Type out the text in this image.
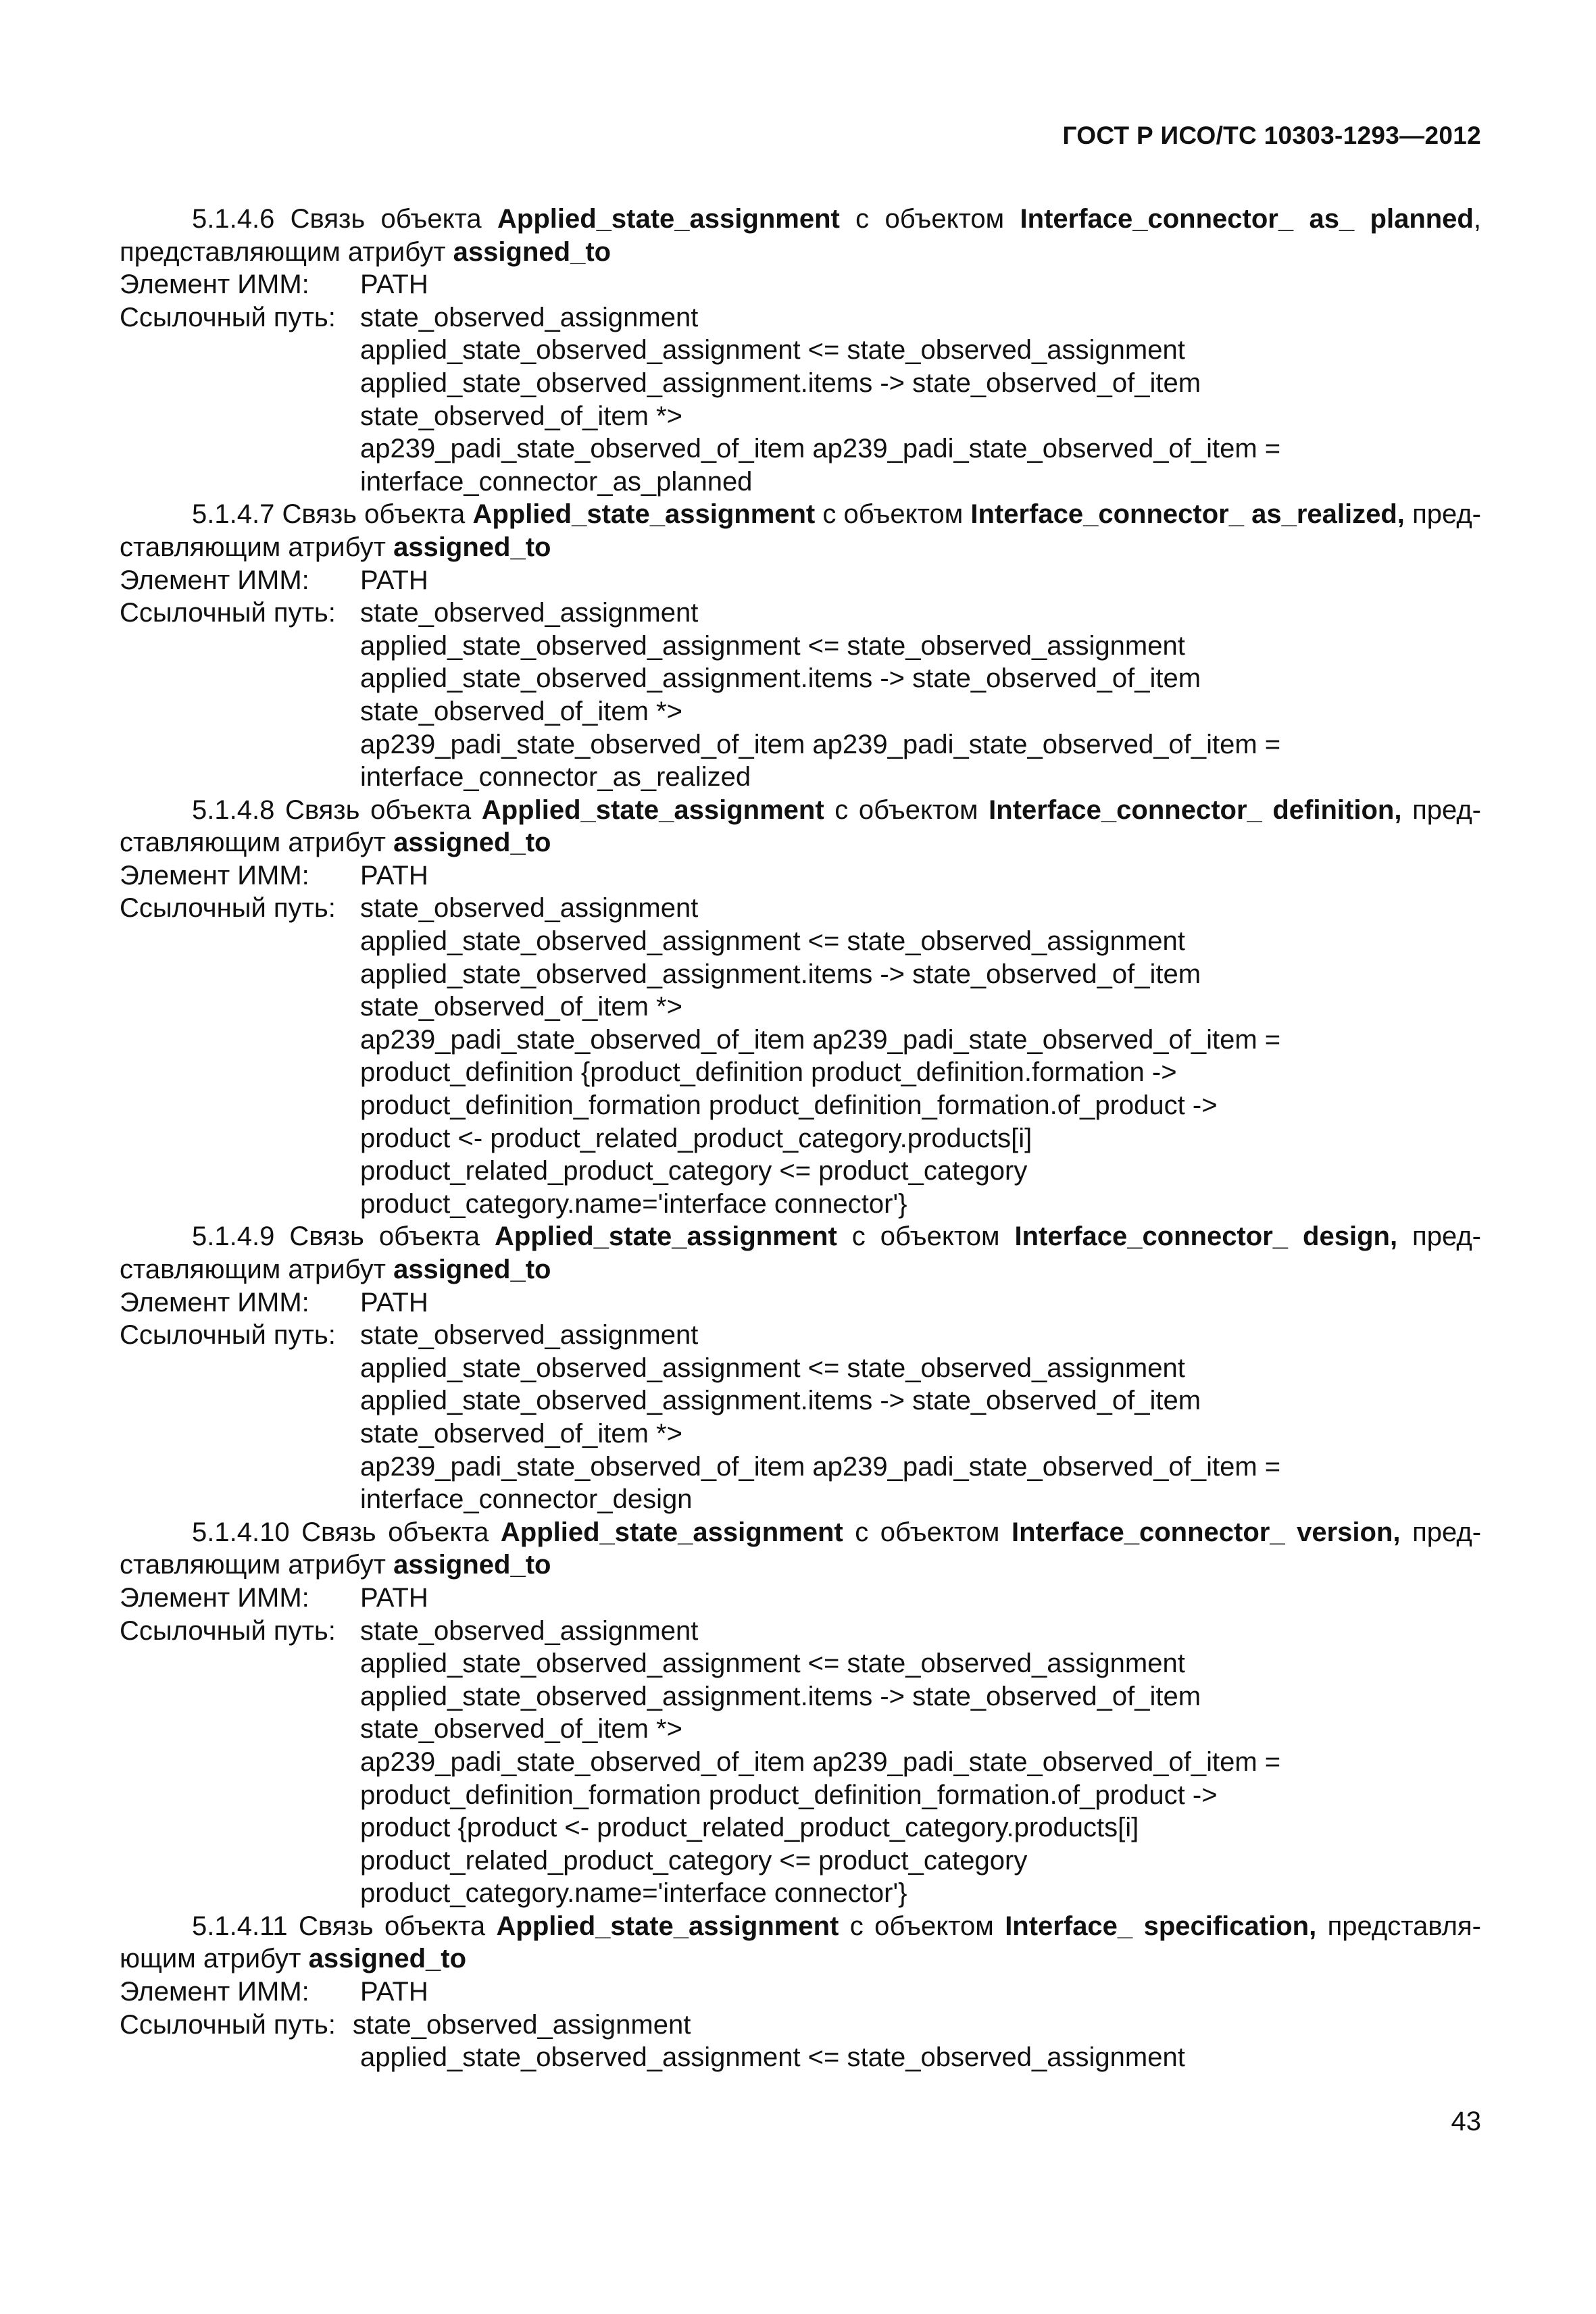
ГОСТ Р ИСО/ТС 10303-1293—2012
5.1.4.6 Связь объекта Applied_state_assignment с объектом Interface_connector_ as_ planned,
представляющим атрибут assigned_to
Элемент ИММ:	PATH
Ссылочный путь: state_observed_assignment
applied_state_observed_assignment <= state_observed_assignment
applied_state_observed_assignment.items -> state_observed_of_item
state_observed_of_item *>
ap239_padi_state_observed_of_item ap239_padi_state_observed_of_item =
interface_connector_as_planned
5.1.4.7 Связь объекта Applied_state_assignment с объектом Interface_connector_ as_realized, пред-
ставляющим атрибут assigned_to
Элемент ИММ:	PATH
Ссылочный путь: state_observed_assignment
applied_state_observed_assignment <= state_observed_assignment
applied_state_observed_assignment.items -> state_observed_of_item
state_observed_of_item *>
ap239_padi_state_observed_of_item ap239_padi_state_observed_of_item =
interface_connector_as_realized
5.1.4.8 Связь объекта Applied_state_assignment с объектом Interface_connector_ definition, пред-
ставляющим атрибут assigned_to
Элемент ИММ:	PATH
Ссылочный путь: state_observed_assignment
applied_state_observed_assignment <= state_observed_assignment
applied_state_observed_assignment.items -> state_observed_of_item
state_observed_of_item *>
ap239_padi_state_observed_of_item ap239_padi_state_observed_of_item =
product_definition {product_definition product_definition.formation ->
product_definition_formation product_definition_formation.of_product ->
product <- product_related_product_category.products[i]
product_related_product_category <= product_category
product_category.name='interface connector'}
5.1.4.9 Связь объекта Applied_state_assignment с объектом Interface_connector_ design, пред-
ставляющим атрибут assigned_to
Элемент ИММ:	PATH
Ссылочный путь: state_observed_assignment
applied_state_observed_assignment <= state_observed_assignment
applied_state_observed_assignment.items -> state_observed_of_item
state_observed_of_item *>
ap239_padi_state_observed_of_item ap239_padi_state_observed_of_item =
interface_connector_design
5.1.4.10 Связь объекта Applied_state_assignment с объектом Interface_connector_ version, пред-
ставляющим атрибут assigned_to
Элемент ИММ:	PATH
Ссылочный путь: state_observed_assignment
applied_state_observed_assignment <= state_observed_assignment
applied_state_observed_assignment.items -> state_observed_of_item
state_observed_of_item *>
ap239_padi_state_observed_of_item ap239_padi_state_observed_of_item =
product_definition_formation product_definition_formation.of_product ->
product {product <- product_related_product_category.products[i]
product_related_product_category <= product_category
product_category.name='interface connector'}
5.1.4.11 Связь объекта Applied_state_assignment с объектом Interface_ specification, представля-
ющим атрибут assigned_to
Элемент ИММ:	PATH
Ссылочный путь: state_observed_assignment
applied_state_observed_assignment <= state_observed_assignment
43
